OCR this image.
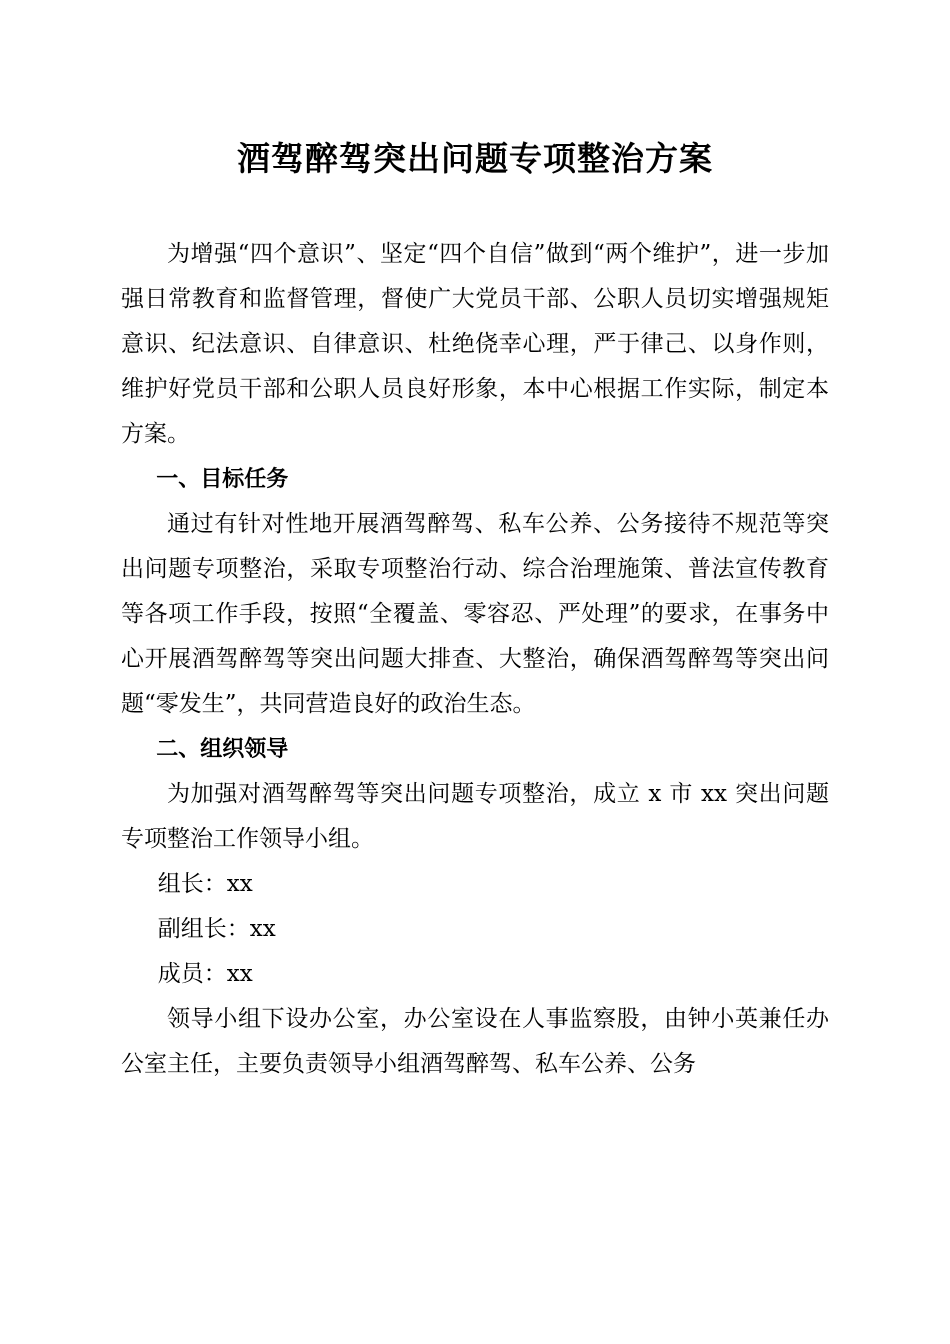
酒驾醉驾突出问题专项整治方案

为增强“四个意识”、坚定“四个自信”做到“两个维护”，进一步加强日常教育和监督管理，督使广大党员干部、公职人员切实增强规矩意识、纪法意识、自律意识、杜绝侥幸心理，严于律己、以身作则，维护好党员干部和公职人员良好形象，本中心根据工作实际，制定本方案。

一、目标任务

通过有针对性地开展酒驾醉驾、私车公养、公务接待不规范等突出问题专项整治，采取专项整治行动、综合治理施策、普法宣传教育等各项工作手段，按照“全覆盖、零容忍、严处理”的要求，在事务中心开展酒驾醉驾等突出问题大排查、大整治，确保酒驾醉驾等突出问题“零发生”，共同营造良好的政治生态。

二、组织领导

为加强对酒驾醉驾等突出问题专项整治，成立 x 市 xx 突出问题专项整治工作领导小组。

组长：xx

副组长：xx

成员：xx

领导小组下设办公室，办公室设在人事监察股，由钟小英兼任办公室主任，主要负责领导小组酒驾醉驾、私车公养、公务
